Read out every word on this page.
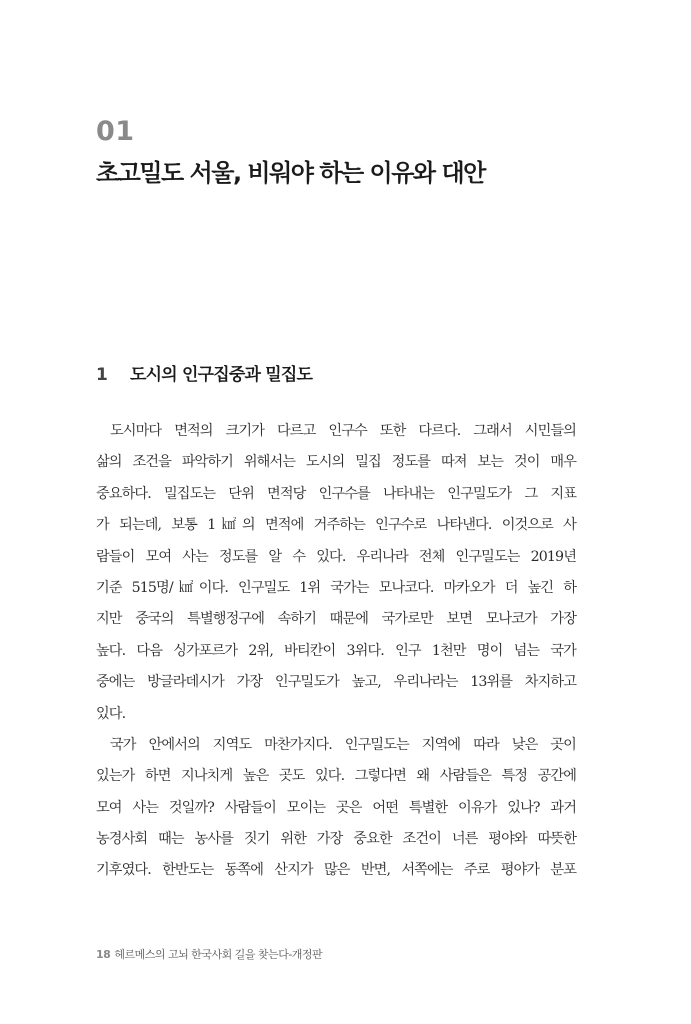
01
초고밀도 서울, 비워야 하는 이유와 대안
1 도시의 인구집중과 밀집도
도시마다 면적의 크기가 다르고 인구수 또한 다르다. 그래서 시민들의
삶의 조건을 파악하기 위해서는 도시의 밀집 정도를 따져 보는 것이 매우
중요하다. 밀집도는 단위 면적당 인구수를 나타내는 인구밀도가 그 지표
가 되는데, 보통 1㎢의 면적에 거주하는 인구수로 나타낸다. 이것으로 사
람들이 모여 사는 정도를 알 수 있다. 우리나라 전체 인구밀도는 2019년
기준 515명/㎢이다. 인구밀도 1위 국가는 모나코다. 마카오가 더 높긴 하
지만 중국의 특별행정구에 속하기 때문에 국가로만 보면 모나코가 가장
높다. 다음 싱가포르가 2위, 바티칸이 3위다. 인구 1천만 명이 넘는 국가
중에는 방글라데시가 가장 인구밀도가 높고, 우리나라는 13위를 차지하고
있다.
국가 안에서의 지역도 마찬가지다. 인구밀도는 지역에 따라 낮은 곳이
있는가 하면 지나치게 높은 곳도 있다. 그렇다면 왜 사람들은 특정 공간에
모여 사는 것일까? 사람들이 모이는 곳은 어떤 특별한 이유가 있나? 과거
농경사회 때는 농사를 짓기 위한 가장 중요한 조건이 너른 평야와 따뜻한
기후였다. 한반도는 동쪽에 산지가 많은 반면, 서쪽에는 주로 평야가 분포
18 헤르메스의 고뇌 한국사회 길을 찾는다-개정판
